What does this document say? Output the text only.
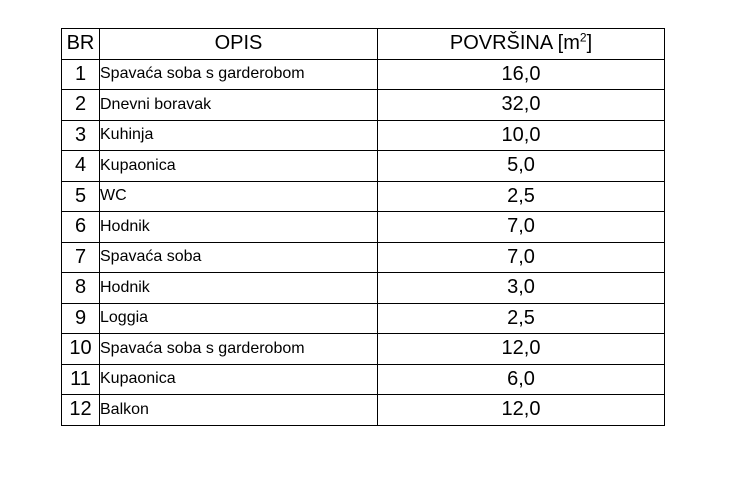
BR	OPIS	POVRŠINA $[m^2]$
1	Spavaća soba s garderobom	16,0
2	Dnevni boravak	32,0
3	Kuhinja	10,0
4	Kupaonica	5,0
5	WC	2,5
6	Hodnik	7,0
7	Spavaća soba	7,0
8	Hodnik	3,0
9	Loggia	2,5
10	Spavaća soba s garderobom	12,0
11	Kupaonica	6,0
12	Balkon	12,0
